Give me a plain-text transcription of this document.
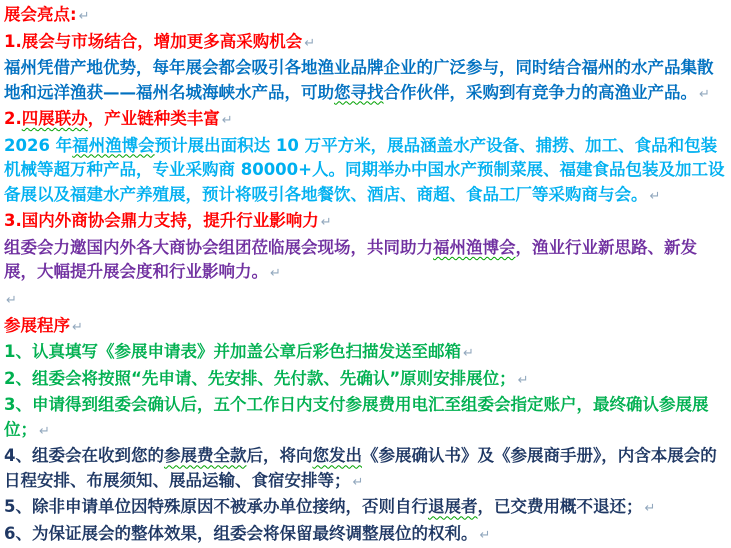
展会亮点: ↵
1.展会与市场结合，增加更多高采购机会 ↵
福州凭借产地优势，每年展会都会吸引各地渔业品牌企业的广泛参与，同时结合福州的水产品集散地和远洋渔获——福州名城海峡水产品，可助您寻找合作伙伴，采购到有竞争力的高渔业产品。 ↵
2.四展联办，产业链种类丰富 ↵
2026 年福州渔博会预计展出面积达 10 万平方米，展品涵盖水产设备、捕捞、加工、食品和包装机械等超万种产品，专业采购商 80000+人。同期举办中国水产预制菜展、福建食品包装及加工设备展以及福建水产养殖展，预计将吸引各地餐饮、酒店、商超、食品工厂等采购商与会。 ↵
3.国内外商协会鼎力支持，提升行业影响力 ↵
组委会力邀国内外各大商协会组团莅临展会现场，共同助力福州渔博会，渔业行业新思路、新发展，大幅提升展会度和行业影响力。 ↵
↵
参展程序 ↵
1、认真填写《参展申请表》并加盖公章后彩色扫描发送至邮箱 ↵
2、组委会将按照“先申请、先安排、先付款、先确认”原则安排展位； ↵
3、申请得到组委会确认后，五个工作日内支付参展费用电汇至组委会指定账户，最终确认参展展位； ↵
4、组委会在收到您的参展费全款后，将向您发出《参展确认书》及《参展商手册》，内含本展会的日程安排、布展须知、展品运输、食宿安排等； ↵
5、除非申请单位因特殊原因不被承办单位接纳，否则自行退展者，已交费用概不退还； ↵
6、为保证展会的整体效果，组委会将保留最终调整展位的权利。 ↵
